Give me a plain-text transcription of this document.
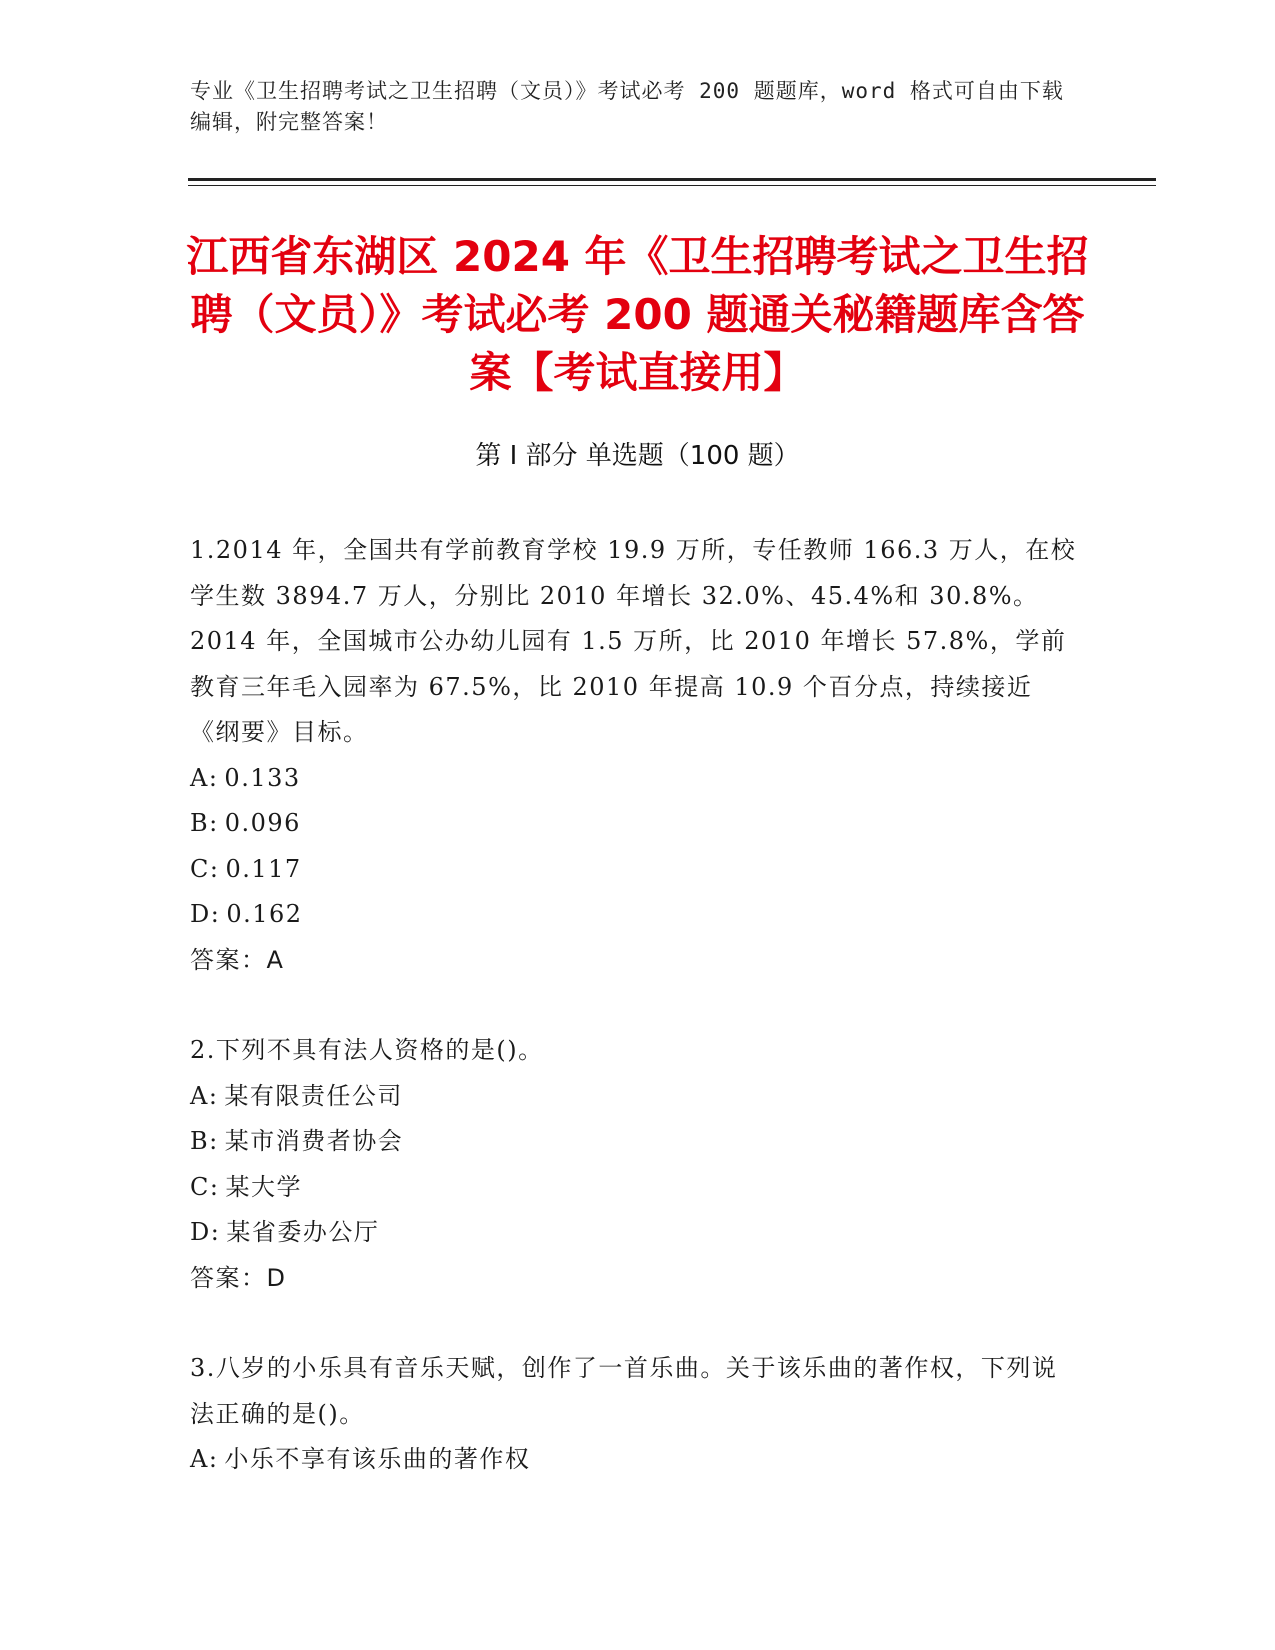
专业《卫生招聘考试之卫生招聘（文员）》考试必考 200 题题库，word 格式可自由下载编辑，附完整答案！
江西省东湖区 2024 年《卫生招聘考试之卫生招聘（文员）》考试必考 200 题通关秘籍题库含答案【考试直接用】
第 I 部分 单选题（100 题）

1.2014 年，全国共有学前教育学校 19.9 万所，专任教师 166.3 万人，在校学生数 3894.7 万人，分别比 2010 年增长 32.0%、45.4%和 30.8%。2014 年，全国城市公办幼儿园有 1.5 万所，比 2010 年增长 57.8%，学前教育三年毛入园率为 67.5%，比 2010 年提高 10.9 个百分点，持续接近《纲要》目标。

A: 0.133

B: 0.096

C: 0.117

D: 0.162

答案：A

2.下列不具有法人资格的是()。

A: 某有限责任公司

B: 某市消费者协会

C: 某大学

D: 某省委办公厅

答案：D

3.八岁的小乐具有音乐天赋，创作了一首乐曲。关于该乐曲的著作权，下列说法正确的是()。

A: 小乐不享有该乐曲的著作权
